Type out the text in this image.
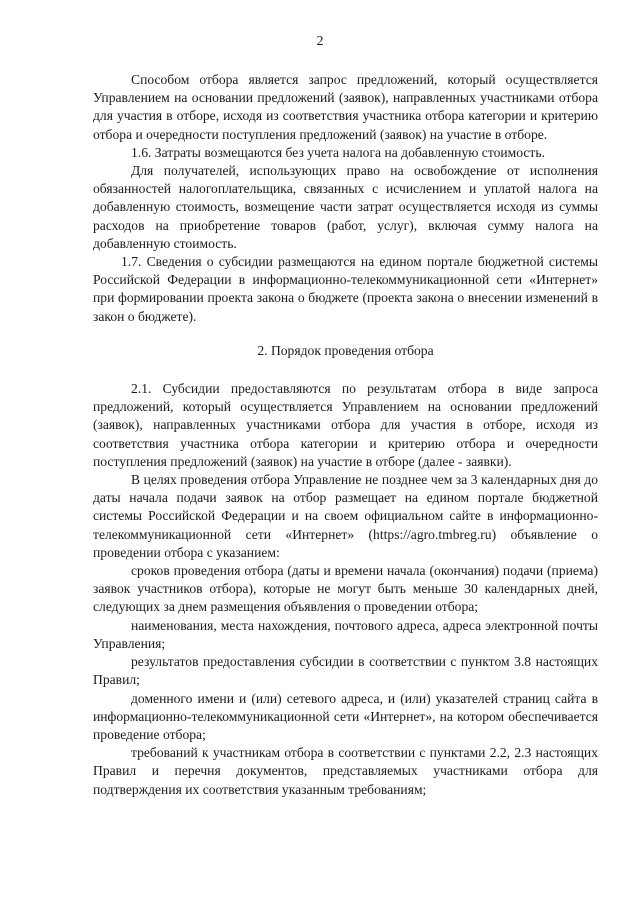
2

Способом отбора является запрос предложений, который осуществляется Управлением на основании предложений (заявок), направленных участниками отбора для участия в отборе, исходя из соответствия участника отбора категории и критерию отбора и очередности поступления предложений (заявок) на участие в отборе.

1.6. Затраты возмещаются без учета налога на добавленную стоимость.

Для получателей, использующих право на освобождение от исполнения обязанностей налогоплательщика, связанных с исчислением и уплатой налога на добавленную стоимость, возмещение части затрат осуществляется исходя из суммы расходов на приобретение товаров (работ, услуг), включая сумму налога на добавленную стоимость.

1.7. Сведения о субсидии размещаются на едином портале бюджетной системы Российской Федерации в информационно-телекоммуникационной сети «Интернет» при формировании проекта закона о бюджете (проекта закона о внесении изменений в закон о бюджете).

2. Порядок проведения отбора

2.1. Субсидии предоставляются по результатам отбора в виде запроса предложений, который осуществляется Управлением на основании предложений (заявок), направленных участниками отбора для участия в отборе, исходя из соответствия участника отбора категории и критерию отбора и очередности поступления предложений (заявок) на участие в отборе (далее - заявки).

В целях проведения отбора Управление не позднее чем за 3 календарных дня до даты начала подачи заявок на отбор размещает на едином портале бюджетной системы Российской Федерации и на своем официальном сайте в информационно-телекоммуникационной сети «Интернет» (https://agro.tmbreg.ru) объявление о проведении отбора с указанием:

сроков проведения отбора (даты и времени начала (окончания) подачи (приема) заявок участников отбора), которые не могут быть меньше 30 календарных дней, следующих за днем размещения объявления о проведении отбора;

наименования, места нахождения, почтового адреса, адреса электронной почты Управления;

результатов предоставления субсидии в соответствии с пунктом 3.8 настоящих Правил;

доменного имени и (или) сетевого адреса, и (или) указателей страниц сайта в информационно-телекоммуникационной сети «Интернет», на котором обеспечивается проведение отбора;

требований к участникам отбора в соответствии с пунктами 2.2, 2.3 настоящих Правил и перечня документов, представляемых участниками отбора для подтверждения их соответствия указанным требованиям;
